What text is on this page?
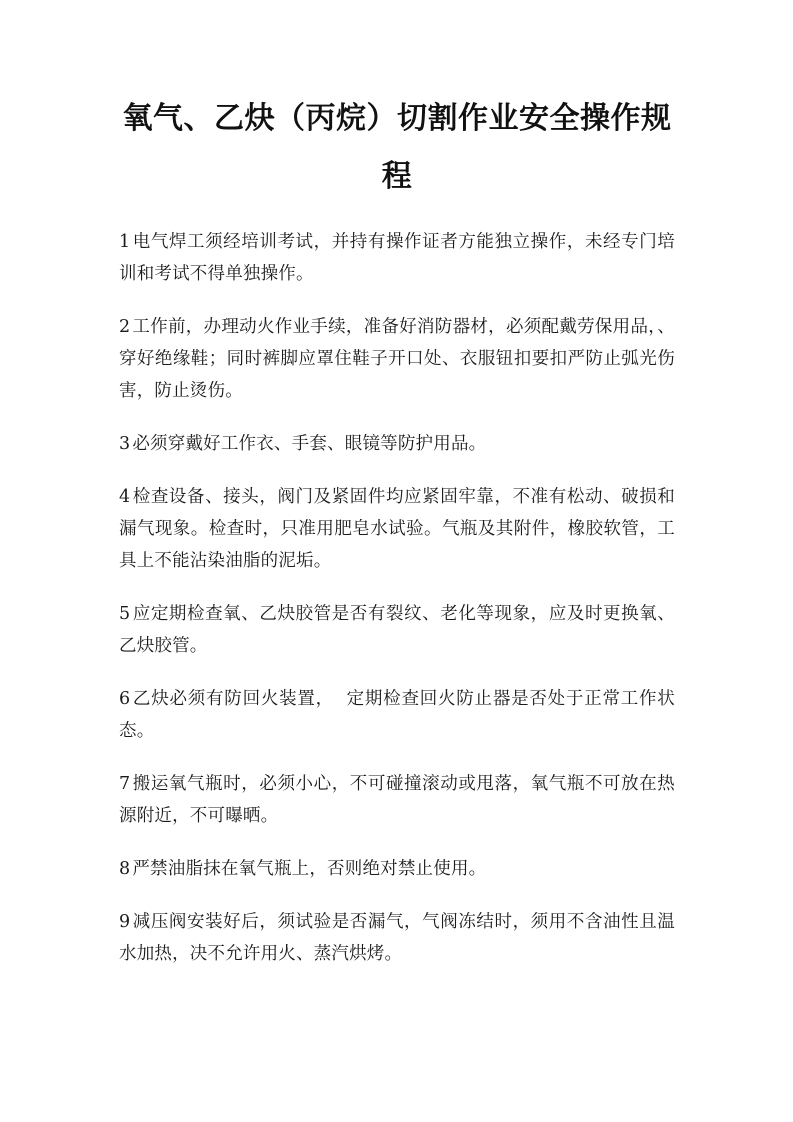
氧气、乙炔（丙烷）切割作业安全操作规程

1 电气焊工须经培训考试，并持有操作证者方能独立操作，未经专门培训和考试不得单独操作。

2 工作前，办理动火作业手续，准备好消防器材，必须配戴劳保用品，、穿好绝缘鞋；同时裤脚应罩住鞋子开口处、衣服钮扣要扣严防止弧光伤害，防止烫伤。

3 必须穿戴好工作衣、手套、眼镜等防护用品。

4 检查设备、接头，阀门及紧固件均应紧固牢靠，不准有松动、破损和漏气现象。检查时，只准用肥皂水试验。气瓶及其附件，橡胶软管，工具上不能沾染油脂的泥垢。

5 应定期检查氧、乙炔胶管是否有裂纹、老化等现象，应及时更换氧、乙炔胶管。

6 乙炔必须有防回火装置，  定期检查回火防止器是否处于正常工作状态。

7 搬运氧气瓶时，必须小心，不可碰撞滚动或甩落，氧气瓶不可放在热源附近，不可曝晒。

8 严禁油脂抹在氧气瓶上，否则绝对禁止使用。

9 减压阀安装好后，须试验是否漏气，气阀冻结时，须用不含油性且温水加热，决不允许用火、蒸汽烘烤。
